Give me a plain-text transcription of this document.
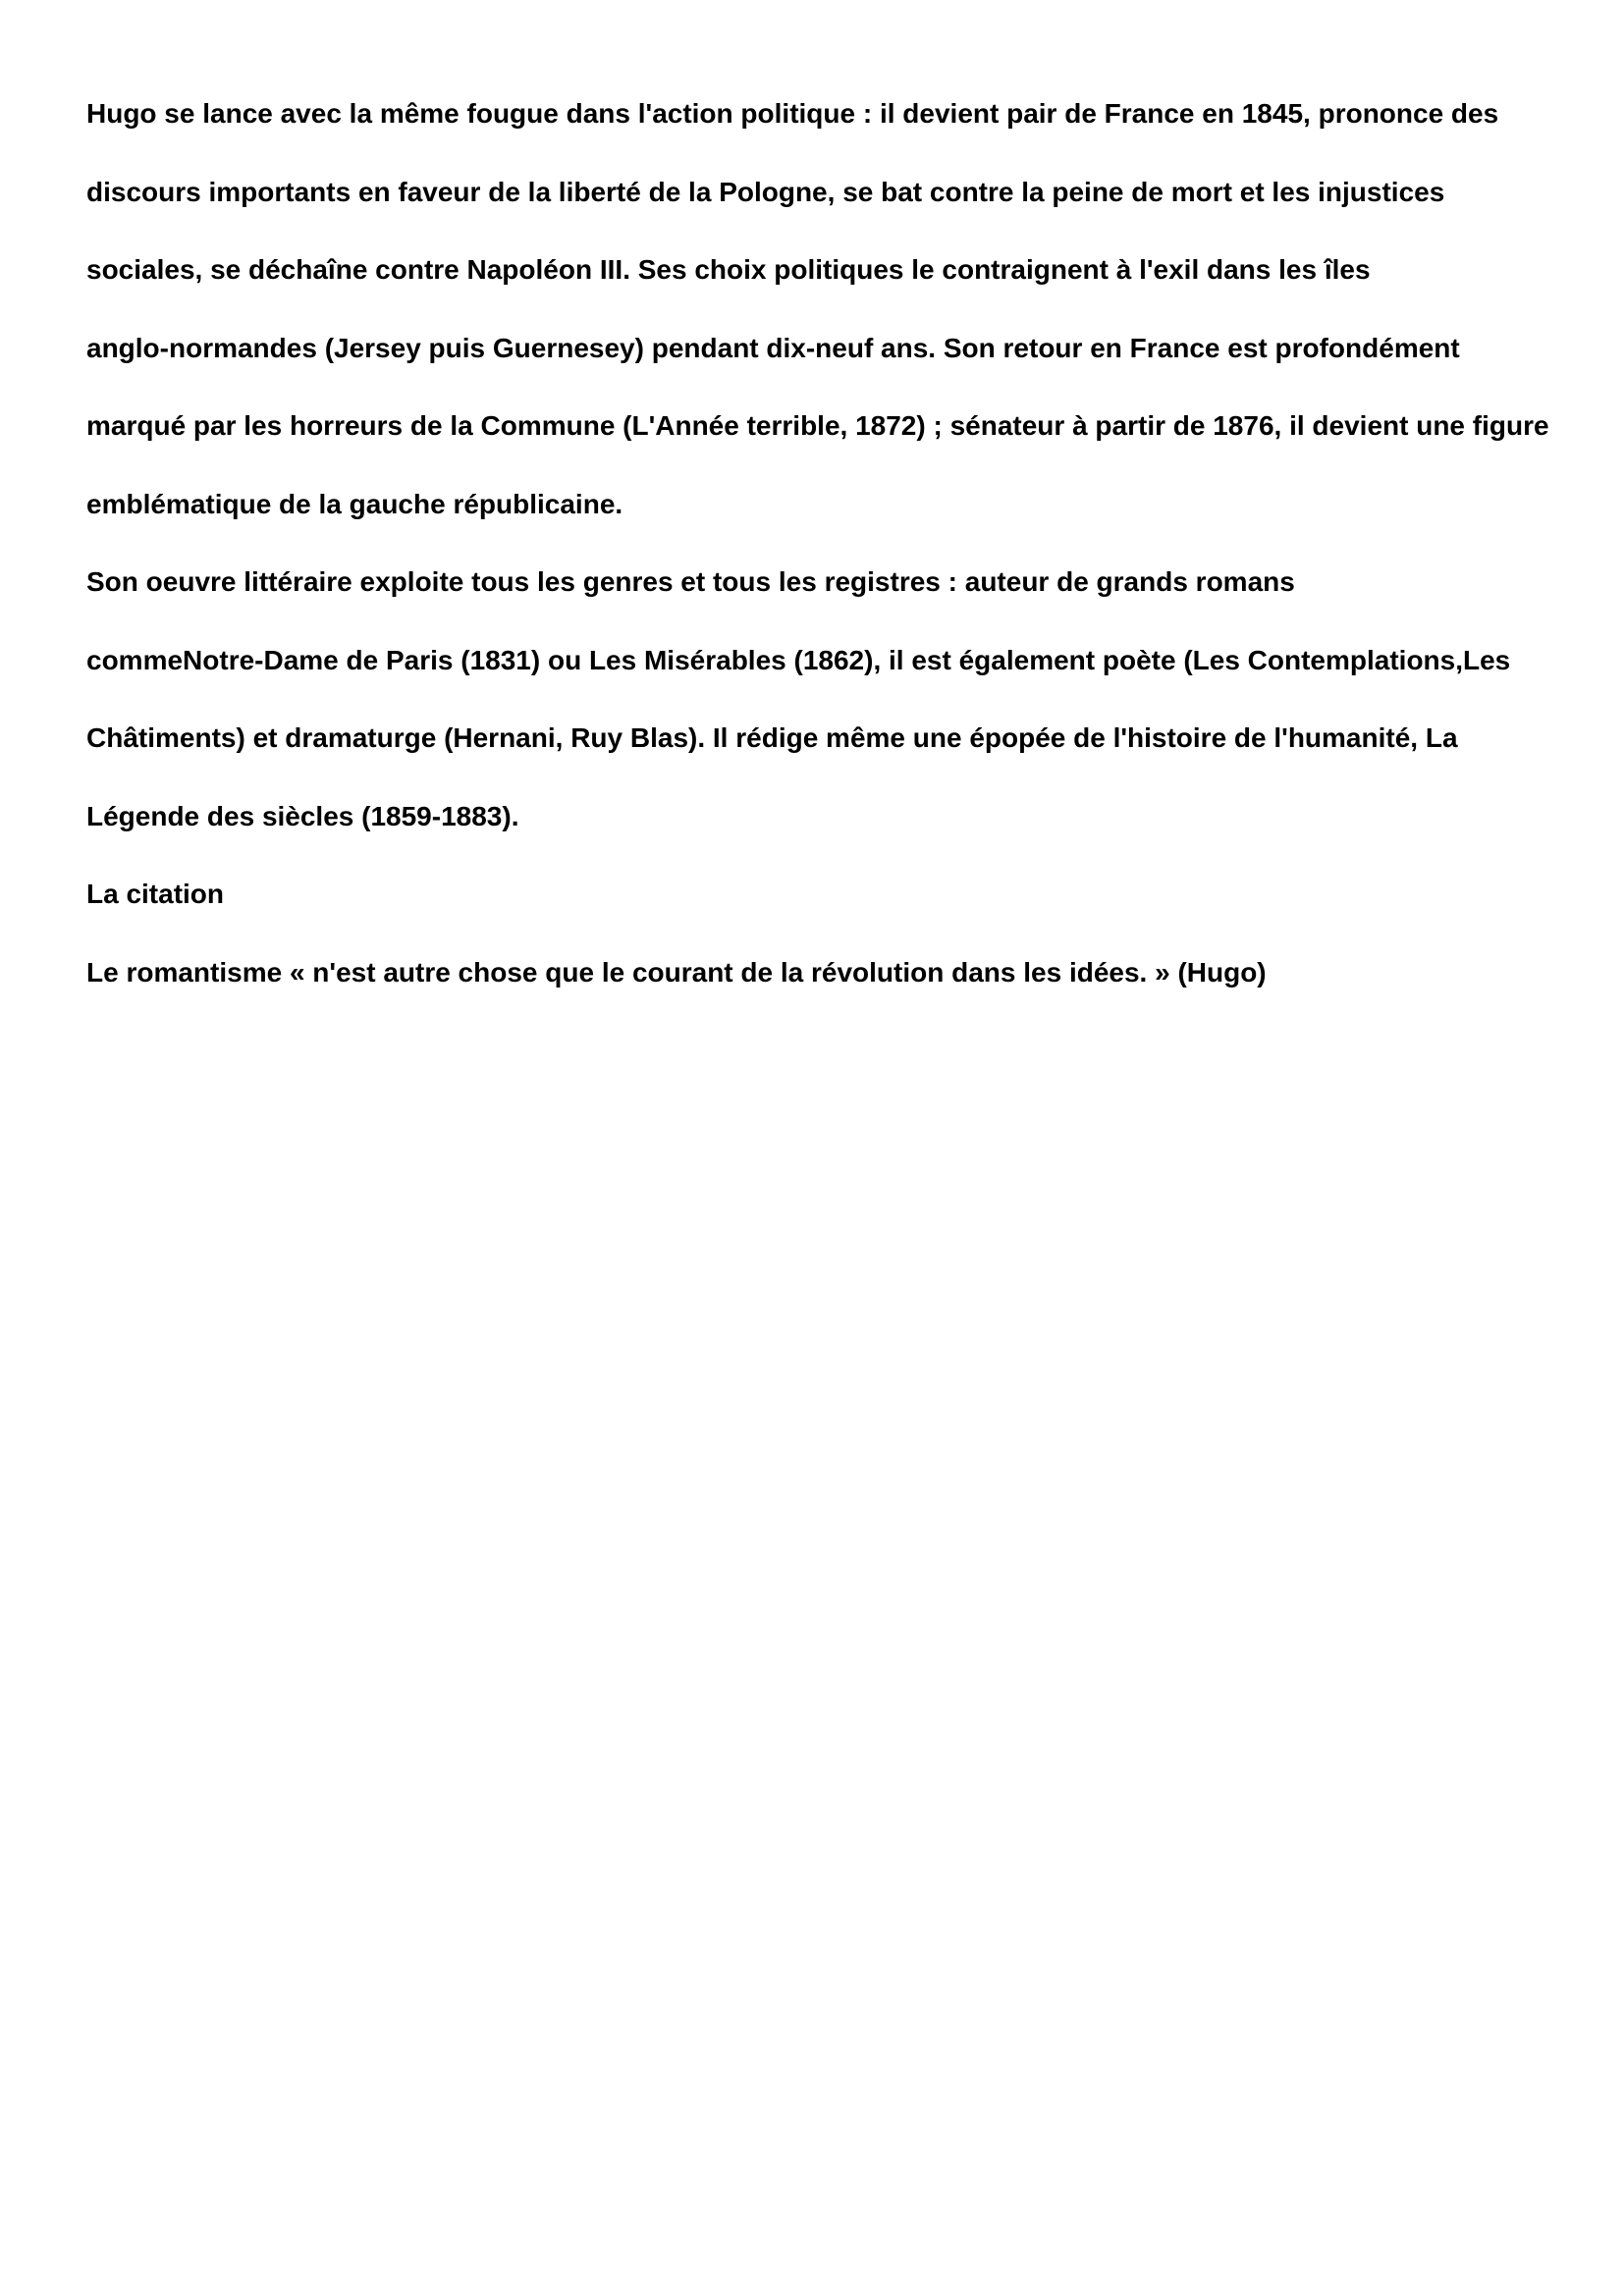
Hugo se lance avec la même fougue dans l'action politique : il devient pair de France en 1845, prononce des
discours importants en faveur de la liberté de la Pologne, se bat contre la peine de mort et les injustices
sociales, se déchaîne contre Napoléon III. Ses choix politiques le contraignent à l'exil dans les îles
anglo-normandes (Jersey puis Guernesey) pendant dix-neuf ans. Son retour en France est profondément
marqué par les horreurs de la Commune (L'Année terrible, 1872) ; sénateur à partir de 1876, il devient une figure
emblématique de la gauche républicaine.
Son oeuvre littéraire exploite tous les genres et tous les registres : auteur de grands romans
commeNotre-Dame de Paris (1831) ou Les Misérables (1862), il est également poète (Les Contemplations,Les
Châtiments) et dramaturge (Hernani, Ruy Blas). Il rédige même une épopée de l'histoire de l'humanité, La
Légende des siècles (1859-1883).
La citation
Le romantisme « n'est autre chose que le courant de la révolution dans les idées. » (Hugo)
